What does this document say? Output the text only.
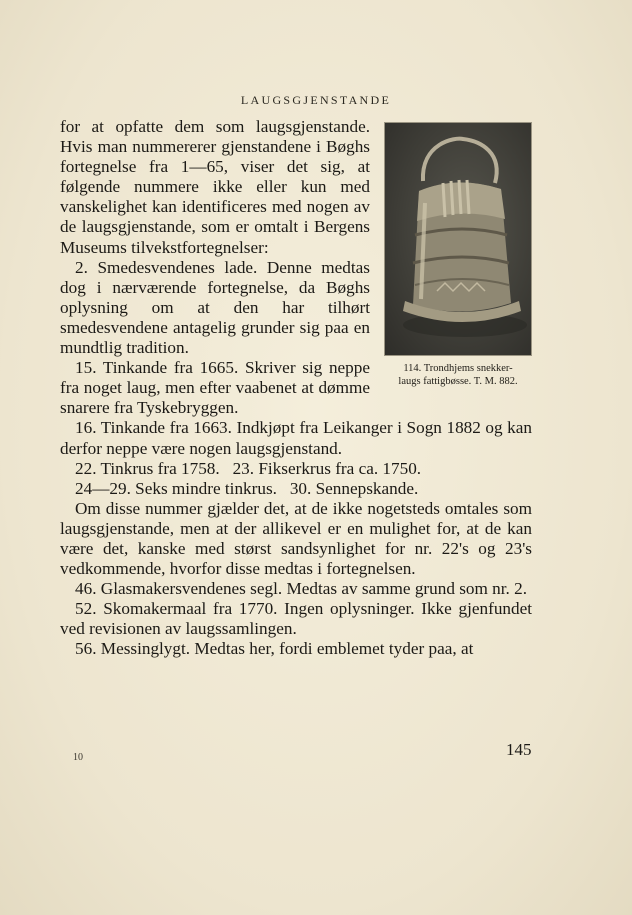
LAUGSGJENSTANDE
114. Trondhjems snekker-
laugs fattigbøsse. T. M. 882.

for at opfatte dem som laugsgjenstande. Hvis man nummererer gjenstandene i Bøghs fortegnelse fra 1—65, viser det sig, at følgende nummere ikke eller kun med vanskelighet kan identificeres med nogen av de laugsgjenstande, som er omtalt i Bergens Museums tilvekstfortegnelser:

2. Smedesvendenes lade. Denne medtas dog i nærværende fortegnelse, da Bøghs oplysning om at den har tilhørt smedesvendene antagelig grunder sig paa en mundtlig tradition.

15. Tinkande fra 1665. Skriver sig neppe fra noget laug, men efter vaabenet at dømme snarere fra Tyskebryggen.

16. Tinkande fra 1663. Indkjøpt fra Leikanger i Sogn 1882 og kan derfor neppe være nogen laugsgjenstand.

22. Tinkrus fra 1758.   23. Fikserkrus fra ca. 1750.

24—29. Seks mindre tinkrus.   30. Sennepskande.

Om disse nummer gjælder det, at de ikke nogetsteds omtales som laugsgjenstande, men at der allikevel er en mulighet for, at de kan være det, kanske med størst sandsynlighet for nr. 22's og 23's vedkommende, hvorfor disse medtas i fortegnelsen.

46. Glasmakersvendenes segl. Medtas av samme grund som nr. 2.

52. Skomakermaal fra 1770. Ingen oplysninger. Ikke gjenfundet ved revisionen av laugssamlingen.

56. Messinglygt. Medtas her, fordi emblemet tyder paa, at

10	145
